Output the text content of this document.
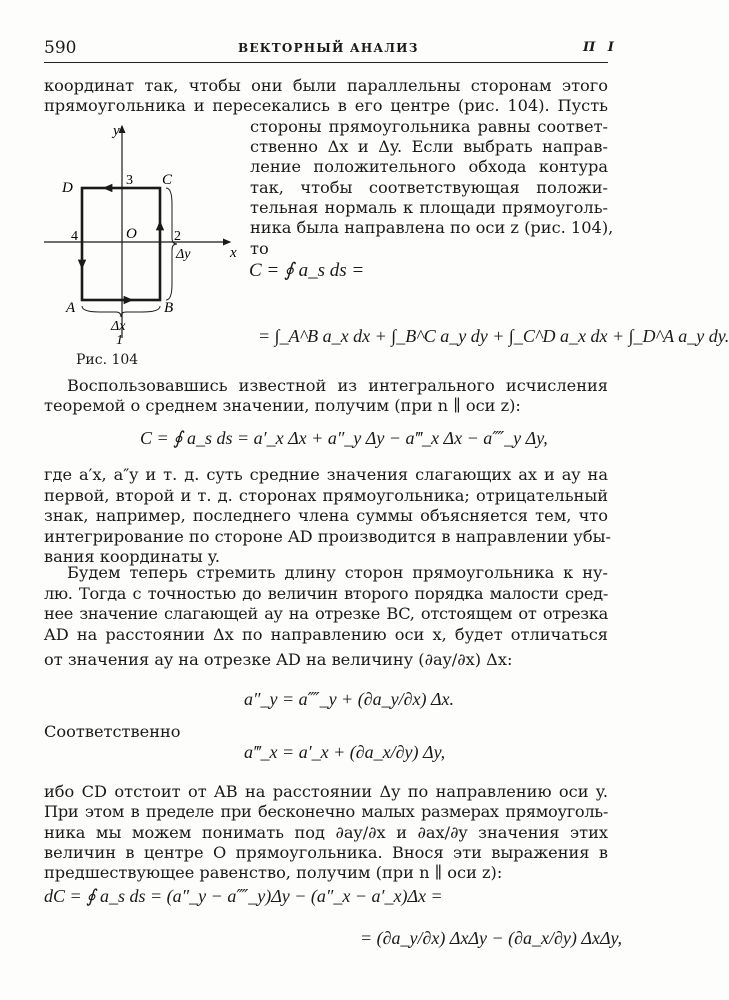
590	ВЕКТОРНЫЙ АНАЛИЗ	П I
координат так, чтобы они были параллельны сторонам этого
прямоугольника и пересекались в его центре (рис. 104). Пусть
стороны прямоугольника равны соответ-
ственно Δx и Δy. Если выбрать направ-
ление положительного обхода контура
так, чтобы соответствующая положи-
тельная нормаль к площади прямоуголь-
ника была направлена по оси z (рис. 104),
то
y
x
D	C
A	B
O
3
4	2
1
Δy
Δx
Рис. 104
C = ∮ a_s ds =
= ∫_A^B a_x dx + ∫_B^C a_y dy + ∫_C^D a_x dx + ∫_D^A a_y dy.
Воспользовавшись известной из интегрального исчисления
теоремой о среднем значении, получим (при n ∥ оси z):
C = ∮ a_s ds = a′_x Δx + a″_y Δy − a‴_x Δx − a⁗_y Δy,
где a′x, a″y и т. д. суть средние значения слагающих ax и ay на
первой, второй и т. д. сторонах прямоугольника; отрицательный
знак, например, последнего члена суммы объясняется тем, что
интегрирование по стороне AD производится в направлении убы-
вания координаты y.
Будем теперь стремить длину сторон прямоугольника к ну-
лю. Тогда с точностью до величин второго порядка малости сред-
нее значение слагающей ay на отрезке BC, отстоящем от отрезка
AD на расстоянии Δx по направлению оси x, будет отличаться
от значения ay на отрезке AD на величину (∂ay/∂x) Δx:
a″_y = a⁗_y + (∂a_y/∂x) Δx.
Соответственно
a‴_x = a′_x + (∂a_x/∂y) Δy,
ибо CD отстоит от AB на расстоянии Δy по направлению оси y.
При этом в пределе при бесконечно малых размерах прямоуголь-
ника мы можем понимать под ∂ay/∂x и ∂ax/∂y значения этих
величин в центре O прямоугольника. Внося эти выражения в
предшествующее равенство, получим (при n ∥ оси z):
dC = ∮ a_s ds = (a″_y − a⁗_y)Δy − (a″_x − a′_x)Δx =
= (∂a_y/∂x) ΔxΔy − (∂a_x/∂y) ΔxΔy,
